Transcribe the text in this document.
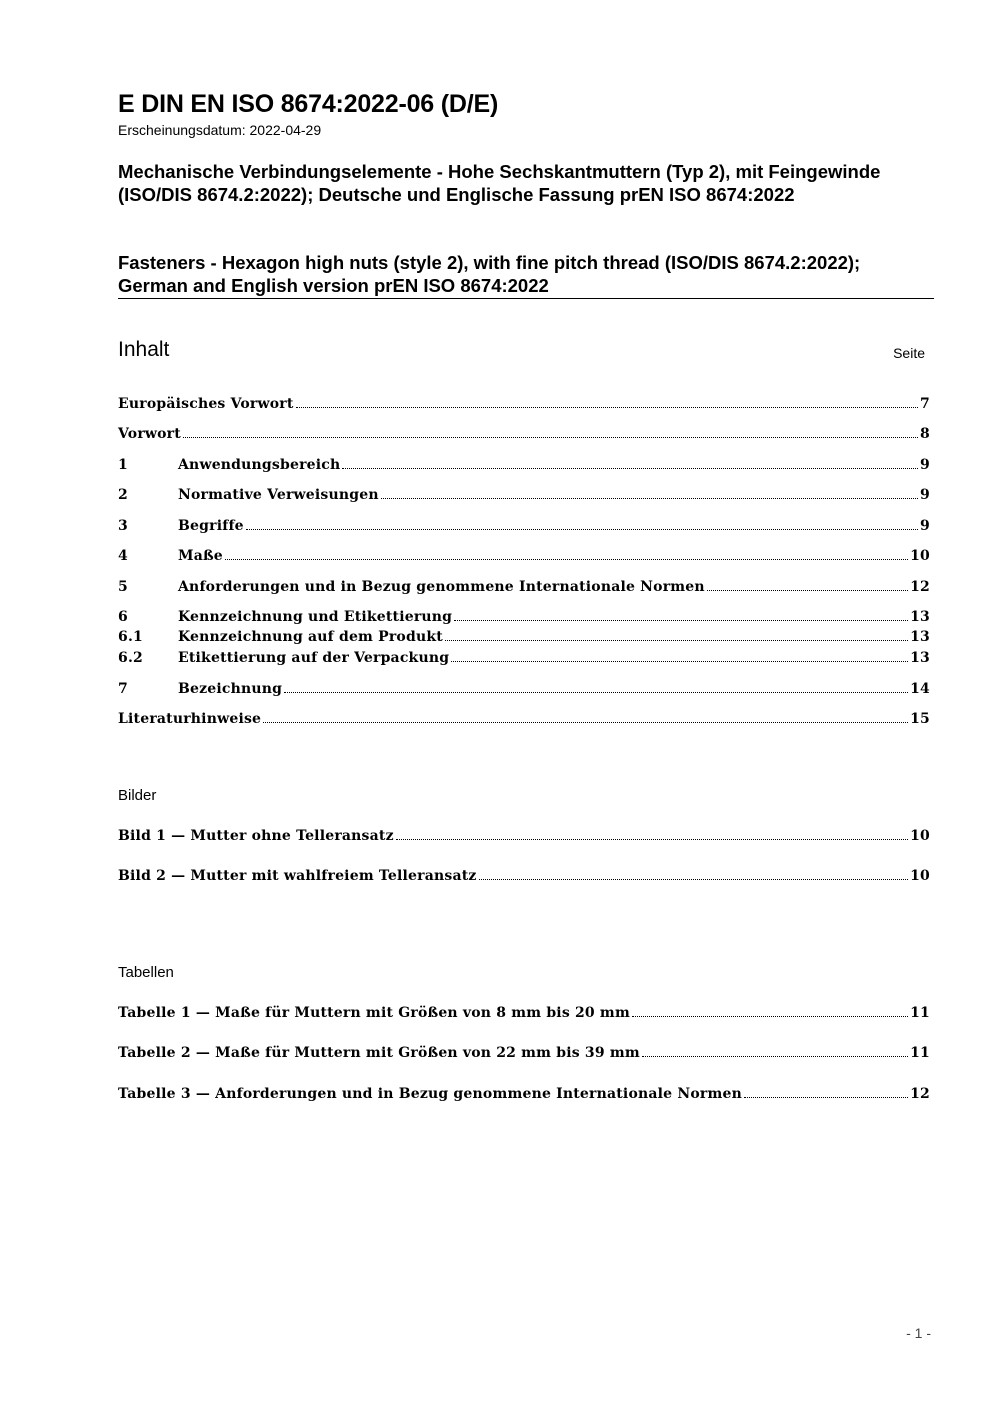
E DIN EN ISO 8674:2022-06 (D/E)
Erscheinungsdatum: 2022-04-29
Mechanische Verbindungselemente - Hohe Sechskantmuttern (Typ 2), mit Feingewinde (ISO/DIS 8674.2:2022); Deutsche und Englische Fassung prEN ISO 8674:2022
Fasteners - Hexagon high nuts (style 2), with fine pitch thread (ISO/DIS 8674.2:2022); German and English version prEN ISO 8674:2022
Inhalt	Seite
Europäisches Vorwort	7
Vorwort	8
1	Anwendungsbereich	9
2	Normative Verweisungen	9
3	Begriffe	9
4	Maße	10
5	Anforderungen und in Bezug genommene Internationale Normen	12
6	Kennzeichnung und Etikettierung	13
6.1	Kennzeichnung auf dem Produkt	13
6.2	Etikettierung auf der Verpackung	13
7	Bezeichnung	14
Literaturhinweise	15
Bilder
Bild 1 — Mutter ohne Telleransatz	10
Bild 2 — Mutter mit wahlfreiem Telleransatz	10
Tabellen
Tabelle 1 — Maße für Muttern mit Größen von 8 mm bis 20 mm	11
Tabelle 2 — Maße für Muttern mit Größen von 22 mm bis 39 mm	11
Tabelle 3 — Anforderungen und in Bezug genommene Internationale Normen	12
- 1 -
